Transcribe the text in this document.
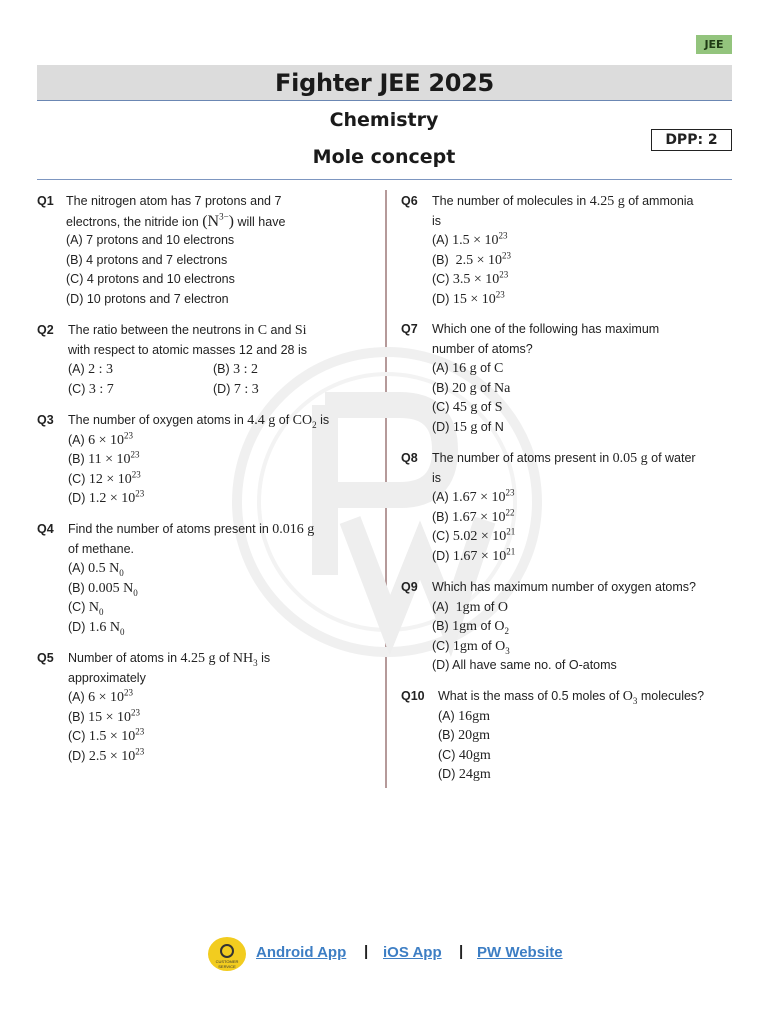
JEE
Fighter JEE 2025
Chemistry
DPP: 2
Mole concept
Q1 The nitrogen atom has 7 protons and 7
electrons, the nitride ion $(N^{3-})$ will have
(A) 7 protons and 10 electrons
(B) 4 protons and 7 electrons
(C) 4 protons and 10 electrons
(D) 10 protons and 7 electron
Q2 The ratio between the neutrons in C and Si
with respect to atomic masses 12 and 28 is
(A) 2 : 3	(B) 3 : 2
(C) 3 : 7	(D) 7 : 3
Q3 The number of oxygen atoms in 4.4 g of $CO_2$ is
(A) $6 \times 10^{23}$
(B) $11 \times 10^{23}$
(C) $12 \times 10^{23}$
(D) $1.2 \times 10^{23}$
Q4 Find the number of atoms present in 0.016 g
of methane.
(A) 0.5 $N_0$
(B) 0.005 $N_0$
(C) $N_0$
(D) 1.6 $N_0$
Q5 Number of atoms in 4.25 g of $NH_3$ is
approximately
(A) $6 \times 10^{23}$
(B) $15 \times 10^{23}$
(C) $1.5 \times 10^{23}$
(D) $2.5 \times 10^{23}$
Q6 The number of molecules in 4.25 g of ammonia
is
(A) $1.5 \times 10^{23}$
(B)  $2.5 \times 10^{23}$
(C) $3.5 \times 10^{23}$
(D) $15 \times 10^{23}$
Q7 Which one of the following has maximum
number of atoms?
(A) 16 g of C
(B) 20 g of Na
(C) 45 g of S
(D) 15 g of N
Q8 The number of atoms present in 0.05 g of water
is
(A) $1.67 \times 10^{23}$
(B) $1.67 \times 10^{22}$
(C) $5.02 \times 10^{21}$
(D) $1.67 \times 10^{21}$
Q9 Which has maximum number of oxygen atoms?
(A)  1gm of O
(B) 1gm of $O_2$
(C) 1gm of $O_3$
(D) All have same no. of O-atoms
Q10 What is the mass of 0.5 moles of $O_3$ molecules?
(A) 16gm
(B) 20gm
(C) 40gm
(D) 24gm
CUSTOMER SERVICE
Android App | iOS App | PW Website
